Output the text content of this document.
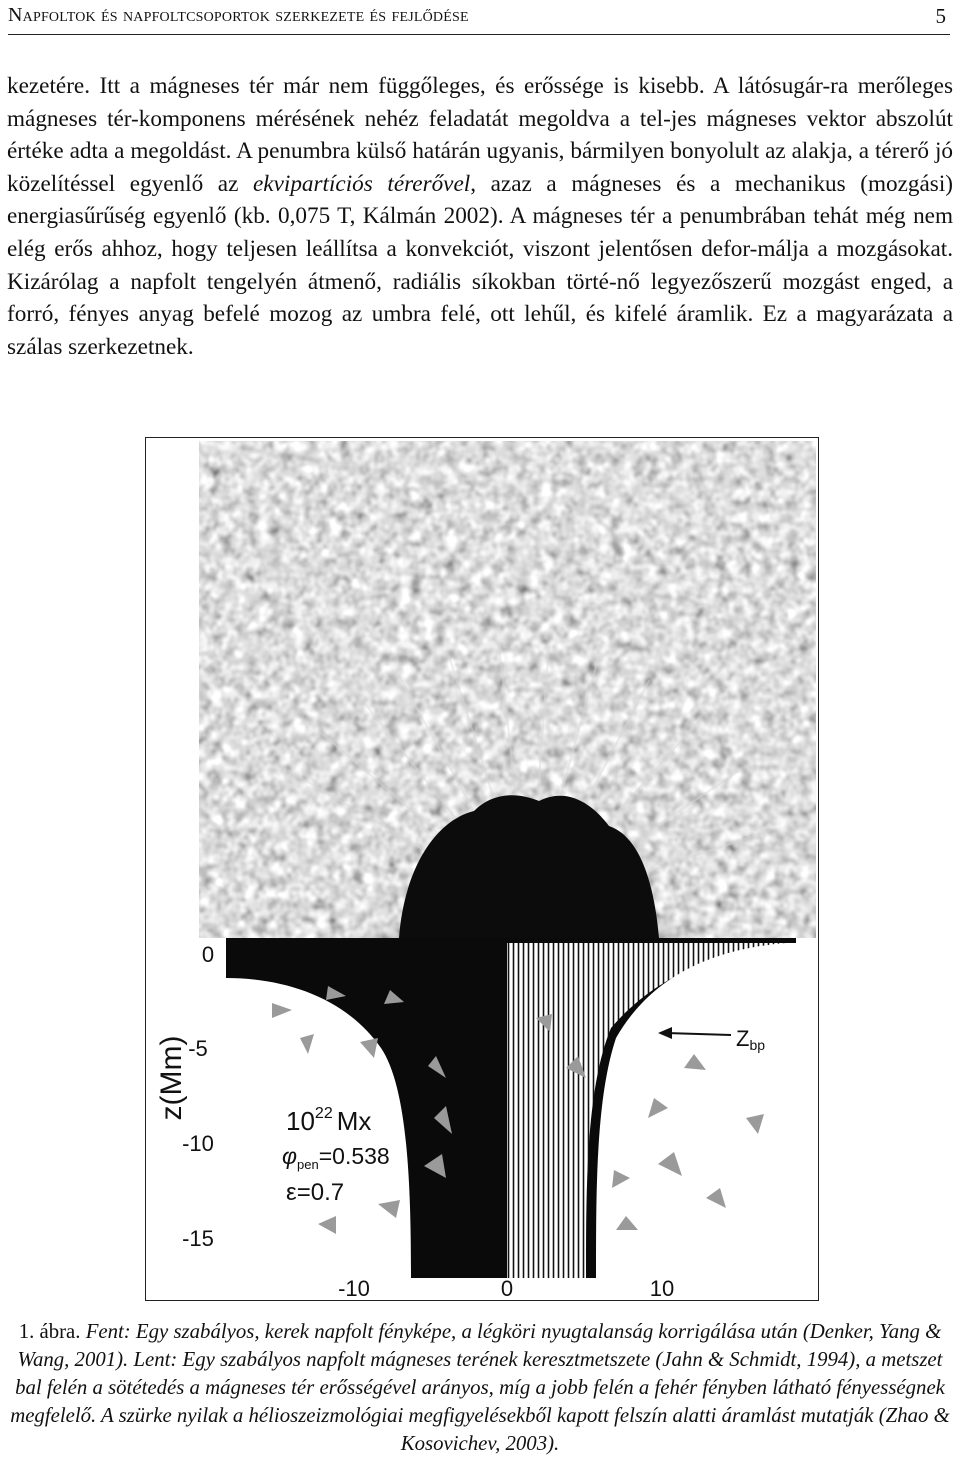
Napfoltok és napfoltcsoportok szerkezete és fejlődése	5
kezetére. Itt a mágneses tér már nem függőleges, és erőssége is kisebb. A látósugár-ra merőleges mágneses tér-komponens mérésének nehéz feladatát megoldva a tel-jes mágneses vektor abszolút értéke adta a megoldást. A penumbra külső határán ugyanis, bármilyen bonyolult az alakja, a térerő jó közelítéssel egyenlő az ekvipartíciós térerővel, azaz a mágneses és a mechanikus (mozgási) energiasűrűség egyenlő (kb. 0,075 T, Kálmán 2002). A mágneses tér a penumbrában tehát még nem elég erős ahhoz, hogy teljesen leállítsa a konvekciót, viszont jelentősen defor-málja a mozgásokat. Kizárólag a napfolt tengelyén átmenő, radiális síkokban törté-nő legyezőszerű mozgást enged, a forró, fényes anyag befelé mozog az umbra felé, ott lehűl, és kifelé áramlik. Ez a magyarázata a szálas szerkezetnek.
z(Mm)
0
-5
-10
-15
-10	0	10
Zbp
$10^{22}$ Mx
$\varphi_{pen}=0.538$
ε=0.7
1. ábra. Fent: Egy szabályos, kerek napfolt fényképe, a légköri nyugtalanság korrigálása után (Denker, Yang & Wang, 2001). Lent: Egy szabályos napfolt mágneses terének keresztmetszete (Jahn & Schmidt, 1994), a metszet bal felén a sötétedés a mágneses tér erősségével arányos, míg a jobb felén a fehér fényben látható fényességnek megfelelő. A szürke nyilak a hélioszeizmológiai megfigyelésekből kapott felszín alatti áramlást mutatják (Zhao & Kosovichev, 2003).
